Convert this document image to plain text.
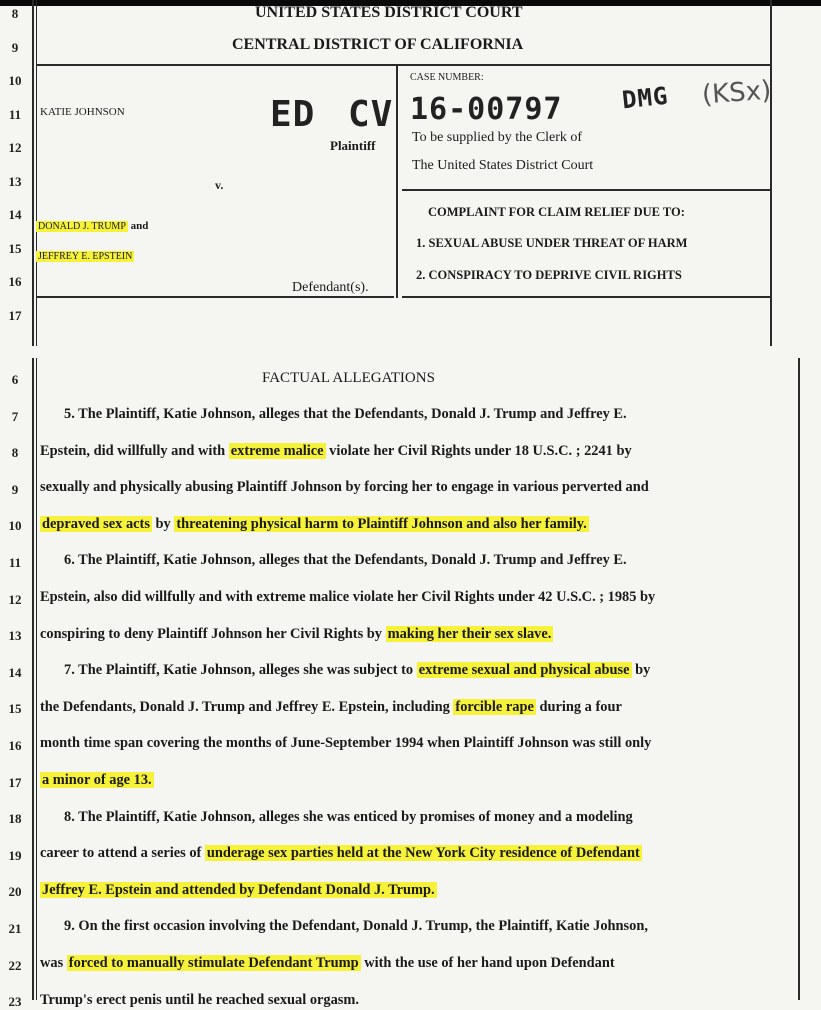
8
9
10
11
12
13
14
15
16
17
UNITED STATES DISTRICT COURT
CENTRAL DISTRICT OF CALIFORNIA
KATIE JOHNSON
Plaintiff
v.
DONALD J. TRUMP and
JEFFREY E. EPSTEIN
Defendant(s).
CASE NUMBER:
ED CV 16-00797 DMG (KSx)
To be supplied by the Clerk of
The United States District Court
COMPLAINT FOR CLAIM RELIEF DUE TO:
1. SEXUAL ABUSE UNDER THREAT OF HARM
2. CONSPIRACY TO DEPRIVE CIVIL RIGHTS
6
7
8
9
10
11
12
13
14
15
16
17
18
19
20
21
22
23
FACTUAL ALLEGATIONS
5. The Plaintiff, Katie Johnson, alleges that the Defendants, Donald J. Trump and Jeffrey E.
Epstein, did willfully and with extreme malice violate her Civil Rights under 18 U.S.C. ; 2241 by
sexually and physically abusing Plaintiff Johnson by forcing her to engage in various perverted and
depraved sex acts by threatening physical harm to Plaintiff Johnson and also her family.
6. The Plaintiff, Katie Johnson, alleges that the Defendants, Donald J. Trump and Jeffrey E.
Epstein, also did willfully and with extreme malice violate her Civil Rights under 42 U.S.C. ; 1985 by
conspiring to deny Plaintiff Johnson her Civil Rights by making her their sex slave.
7. The Plaintiff, Katie Johnson, alleges she was subject to extreme sexual and physical abuse by
the Defendants, Donald J. Trump and Jeffrey E. Epstein, including forcible rape during a four
month time span covering the months of June-September 1994 when Plaintiff Johnson was still only
a minor of age 13.
8. The Plaintiff, Katie Johnson, alleges she was enticed by promises of money and a modeling
career to attend a series of underage sex parties held at the New York City residence of Defendant
Jeffrey E. Epstein and attended by Defendant Donald J. Trump.
9. On the first occasion involving the Defendant, Donald J. Trump, the Plaintiff, Katie Johnson,
was forced to manually stimulate Defendant Trump with the use of her hand upon Defendant
Trump's erect penis until he reached sexual orgasm.
